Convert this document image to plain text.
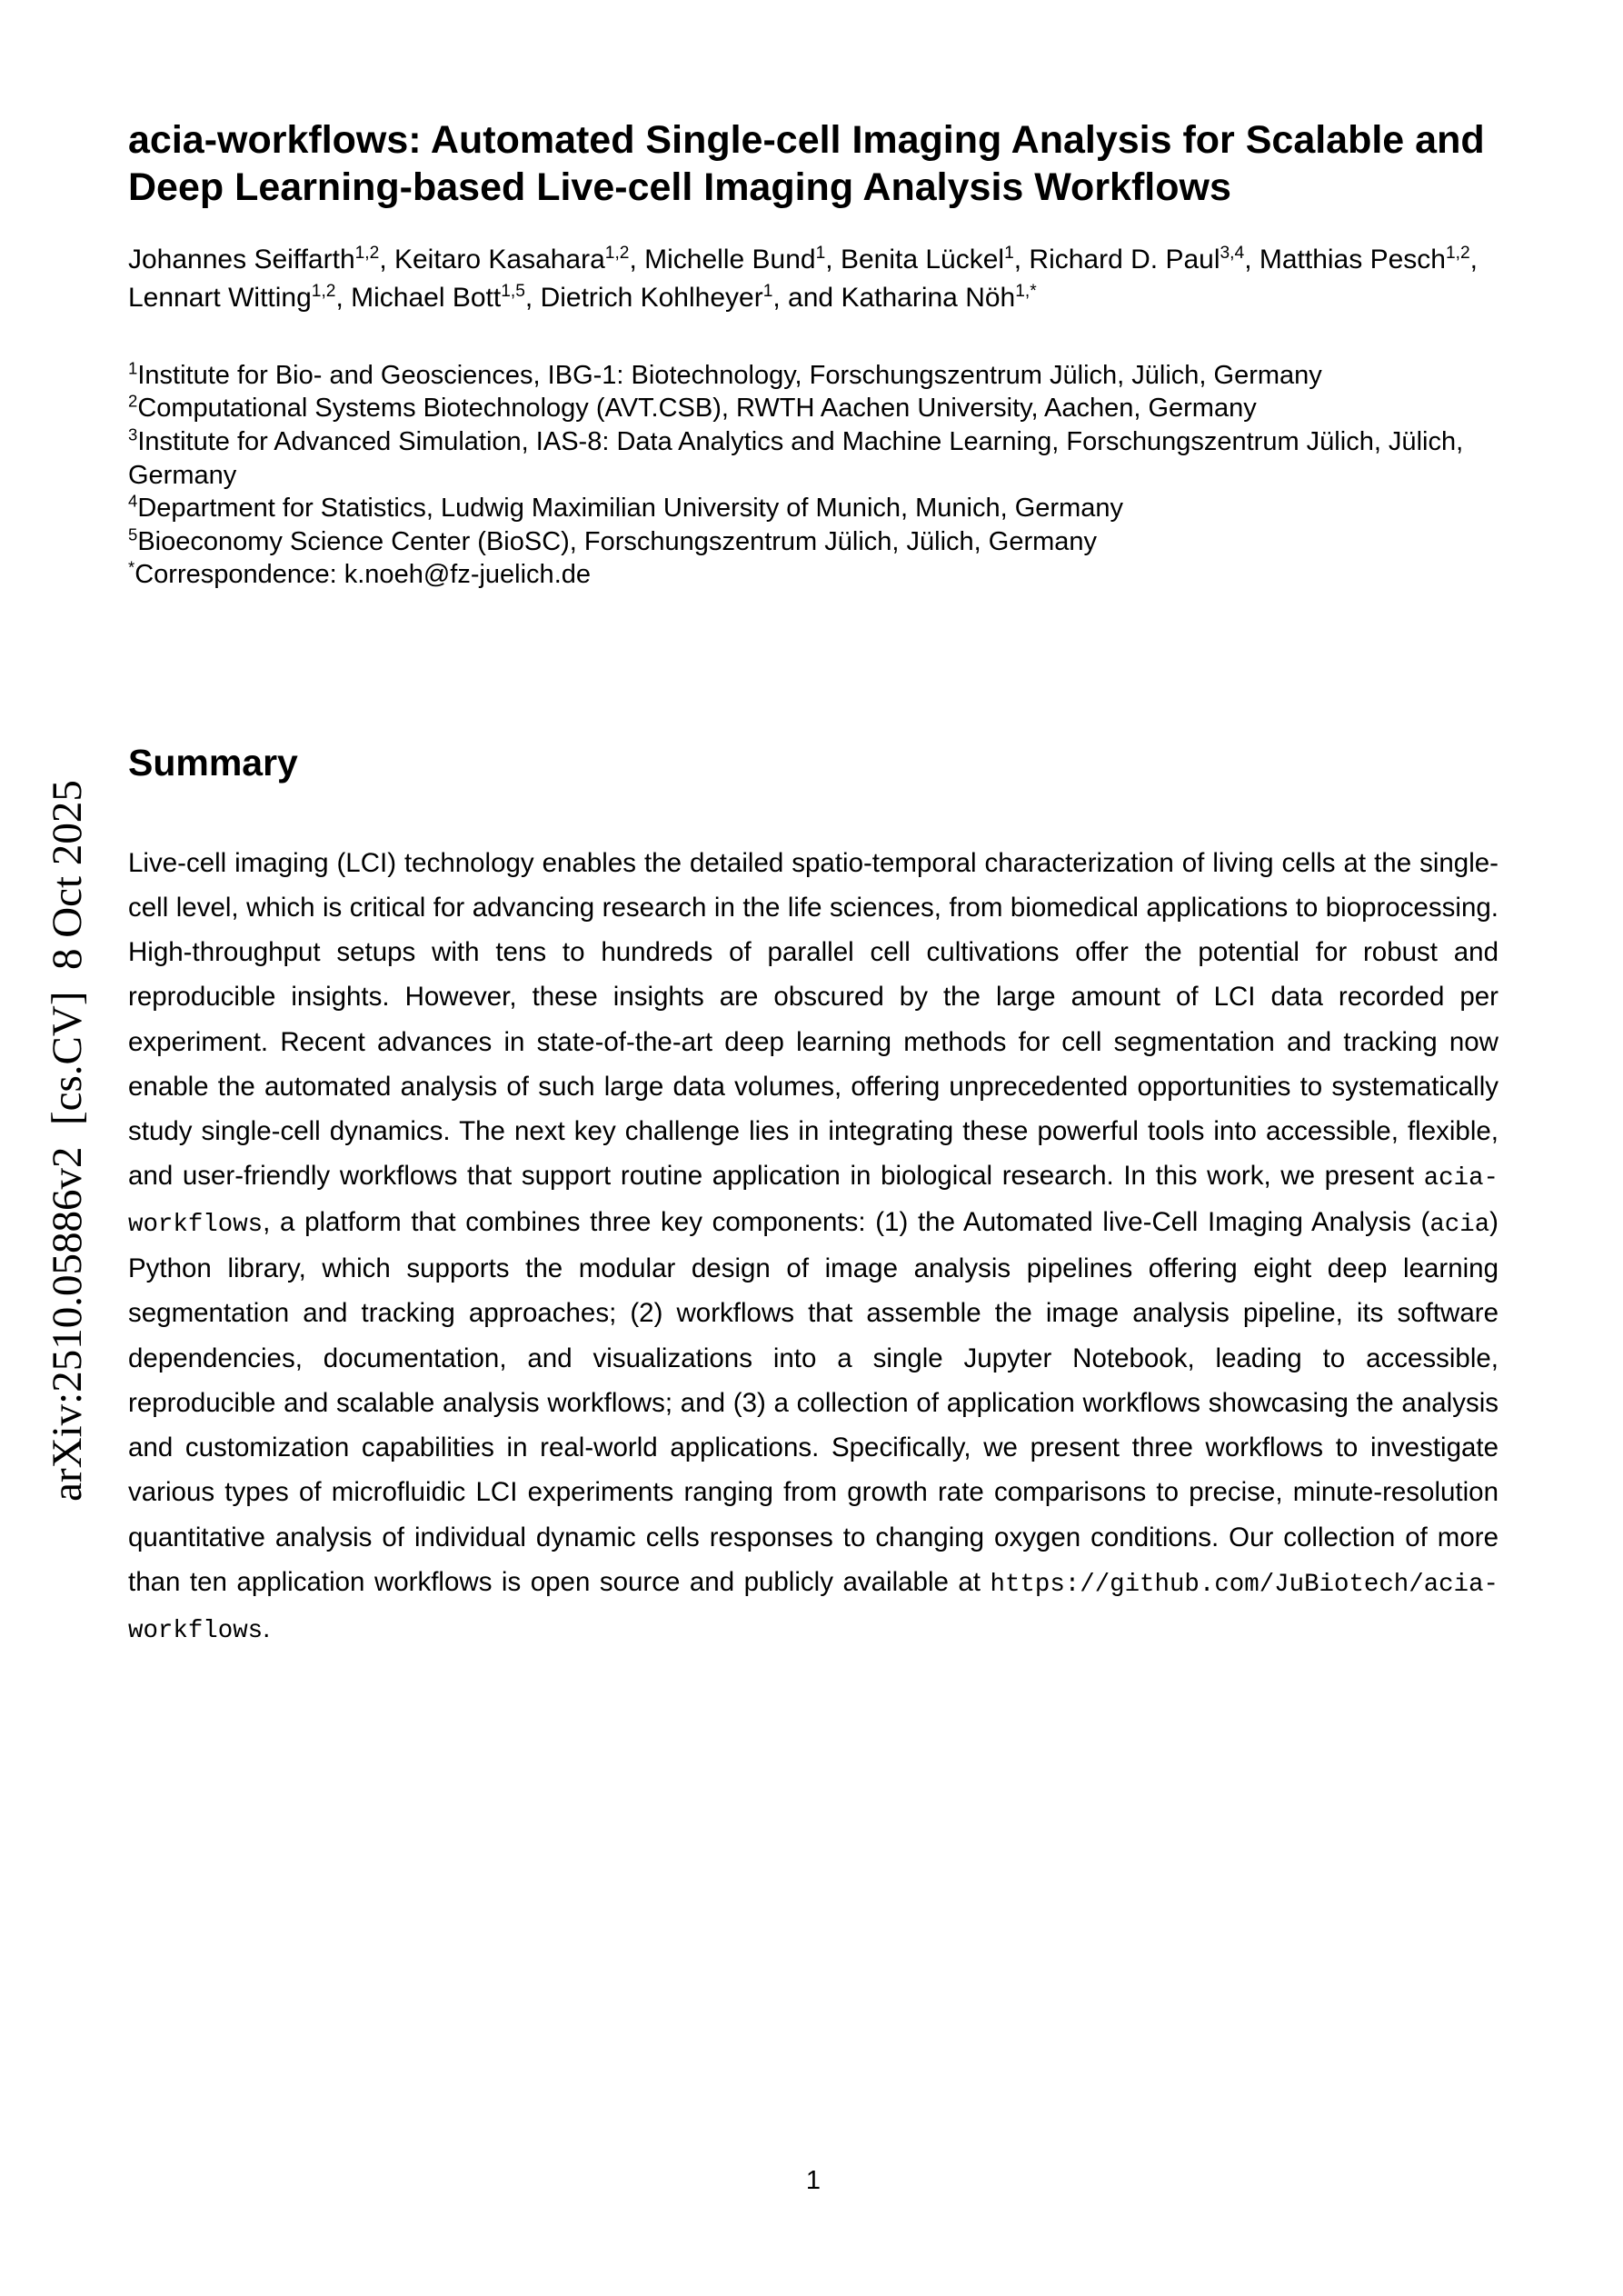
arXiv:2510.05886v2  [cs.CV]  8 Oct 2025
acia-workflows: Automated Single-cell Imaging Analysis for Scalable and Deep Learning-based Live-cell Imaging Analysis Workflows

Johannes Seiffarth$^{1,2}$, Keitaro Kasahara$^{1,2}$, Michelle Bund$^1$, Benita Lückel$^1$, Richard D. Paul$^{3,4}$, Matthias Pesch$^{1,2}$, Lennart Witting$^{1,2}$, Michael Bott$^{1,5}$, Dietrich Kohlheyer$^1$, and Katharina Nöh$^{1,*}$

$^1$Institute for Bio- and Geosciences, IBG-1: Biotechnology, Forschungszentrum Jülich, Jülich, Germany
$^2$Computational Systems Biotechnology (AVT.CSB), RWTH Aachen University, Aachen, Germany
$^3$Institute for Advanced Simulation, IAS-8: Data Analytics and Machine Learning, Forschungszentrum Jülich, Jülich, Germany
$^4$Department for Statistics, Ludwig Maximilian University of Munich, Munich, Germany
$^5$Bioeconomy Science Center (BioSC), Forschungszentrum Jülich, Jülich, Germany
*Correspondence: k.noeh@fz-juelich.de
Summary

Live-cell imaging (LCI) technology enables the detailed spatio-temporal characterization of living cells at the single-cell level, which is critical for advancing research in the life sciences, from biomedical applications to bioprocessing. High-throughput setups with tens to hundreds of parallel cell cultivations offer the potential for robust and reproducible insights. However, these insights are obscured by the large amount of LCI data recorded per experiment. Recent advances in state-of-the-art deep learning methods for cell segmentation and tracking now enable the automated analysis of such large data volumes, offering unprecedented opportunities to systematically study single-cell dynamics. The next key challenge lies in integrating these powerful tools into accessible, flexible, and user-friendly workflows that support routine application in biological research. In this work, we present acia-workflows, a platform that combines three key components: (1) the Automated live-Cell Imaging Analysis (acia) Python library, which supports the modular design of image analysis pipelines offering eight deep learning segmentation and tracking approaches; (2) workflows that assemble the image analysis pipeline, its software dependencies, documentation, and visualizations into a single Jupyter Notebook, leading to accessible, reproducible and scalable analysis workflows; and (3) a collection of application workflows showcasing the analysis and customization capabilities in real-world applications. Specifically, we present three workflows to investigate various types of microfluidic LCI experiments ranging from growth rate comparisons to precise, minute-resolution quantitative analysis of individual dynamic cells responses to changing oxygen conditions. Our collection of more than ten application workflows is open source and publicly available at https://github.com/JuBiotech/acia-workflows.

1
